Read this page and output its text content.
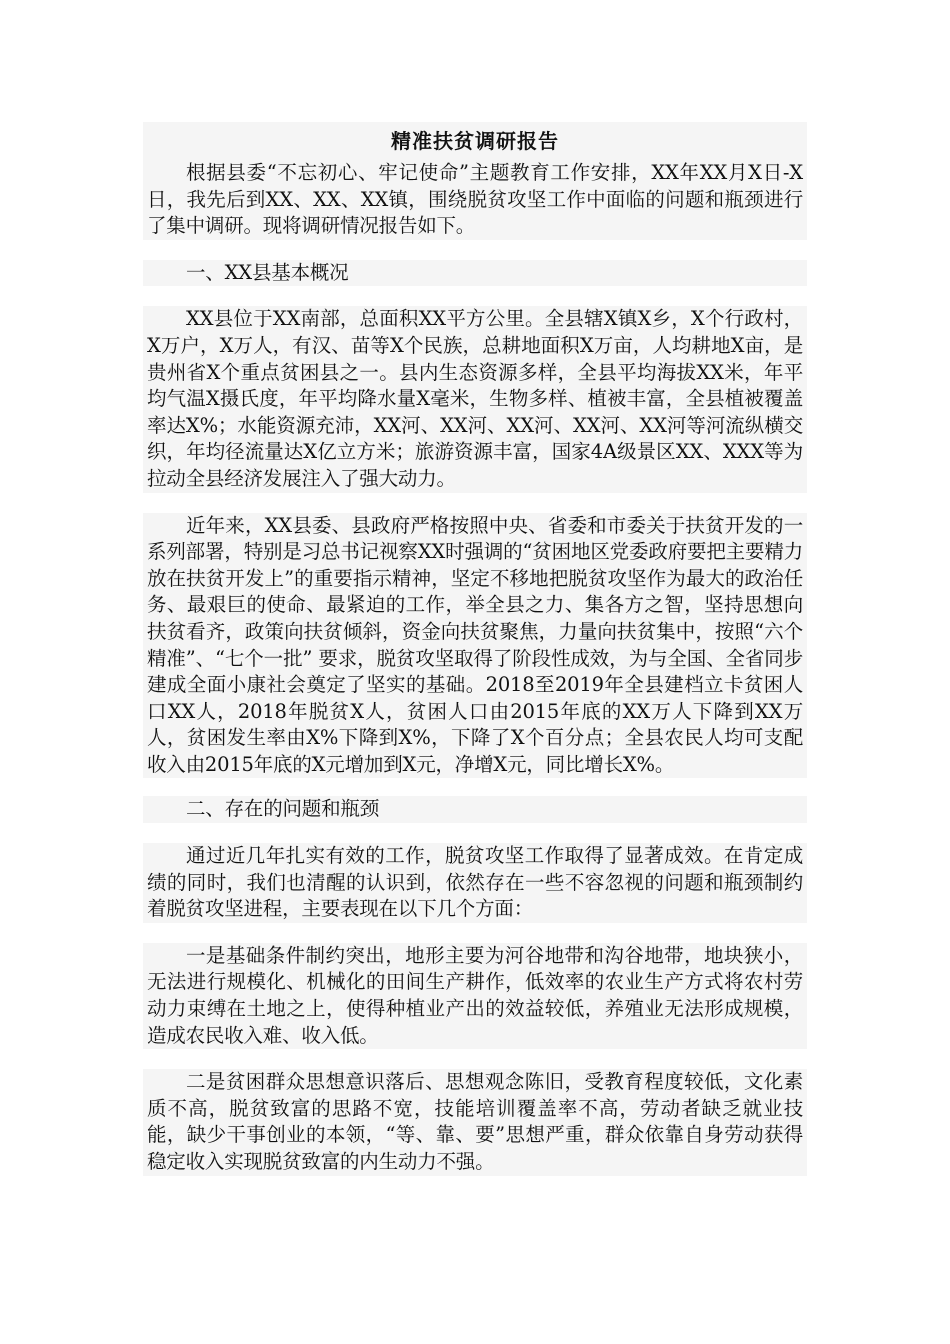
精准扶贫调研报告

根据县委“不忘初心、牢记使命”主题教育工作安排，XX年XX月X日-X日，我先后到XX、XX、XX镇，围绕脱贫攻坚工作中面临的问题和瓶颈进行了集中调研。现将调研情况报告如下。

一、XX县基本概况

XX县位于XX南部，总面积XX平方公里。全县辖X镇X乡，X个行政村，X万户，X万人，有汉、苗等X个民族，总耕地面积X万亩，人均耕地X亩，是贵州省X个重点贫困县之一。县内生态资源多样，全县平均海拔XX米，年平均气温X摄氏度，年平均降水量X毫米，生物多样、植被丰富，全县植被覆盖率达X%；水能资源充沛，XX河、XX河、XX河、XX河、XX河等河流纵横交织，年均径流量达X亿立方米；旅游资源丰富，国家4A级景区XX、XXX等为拉动全县经济发展注入了强大动力。

近年来，XX县委、县政府严格按照中央、省委和市委关于扶贫开发的一系列部署，特别是习总书记视察XX时强调的“贫困地区党委政府要把主要精力放在扶贫开发上”的重要指示精神，坚定不移地把脱贫攻坚作为最大的政治任务、最艰巨的使命、最紧迫的工作，举全县之力、集各方之智，坚持思想向扶贫看齐，政策向扶贫倾斜，资金向扶贫聚焦，力量向扶贫集中，按照“六个精准”、“七个一批” 要求，脱贫攻坚取得了阶段性成效，为与全国、全省同步建成全面小康社会奠定了坚实的基础。2018至2019年全县建档立卡贫困人口XX人，2018年脱贫X人，贫困人口由2015年底的XX万人下降到XX万人，贫困发生率由X%下降到X%，下降了X个百分点；全县农民人均可支配收入由2015年底的X元增加到X元，净增X元，同比增长X%。

二、存在的问题和瓶颈

通过近几年扎实有效的工作，脱贫攻坚工作取得了显著成效。在肯定成绩的同时，我们也清醒的认识到，依然存在一些不容忽视的问题和瓶颈制约着脱贫攻坚进程，主要表现在以下几个方面：

一是基础条件制约突出，地形主要为河谷地带和沟谷地带，地块狭小，无法进行规模化、机械化的田间生产耕作，低效率的农业生产方式将农村劳动力束缚在土地之上，使得种植业产出的效益较低，养殖业无法形成规模，造成农民收入难、收入低。

二是贫困群众思想意识落后、思想观念陈旧，受教育程度较低，文化素质不高，脱贫致富的思路不宽，技能培训覆盖率不高，劳动者缺乏就业技能，缺少干事创业的本领，“等、靠、要”思想严重，群众依靠自身劳动获得稳定收入实现脱贫致富的内生动力不强。
